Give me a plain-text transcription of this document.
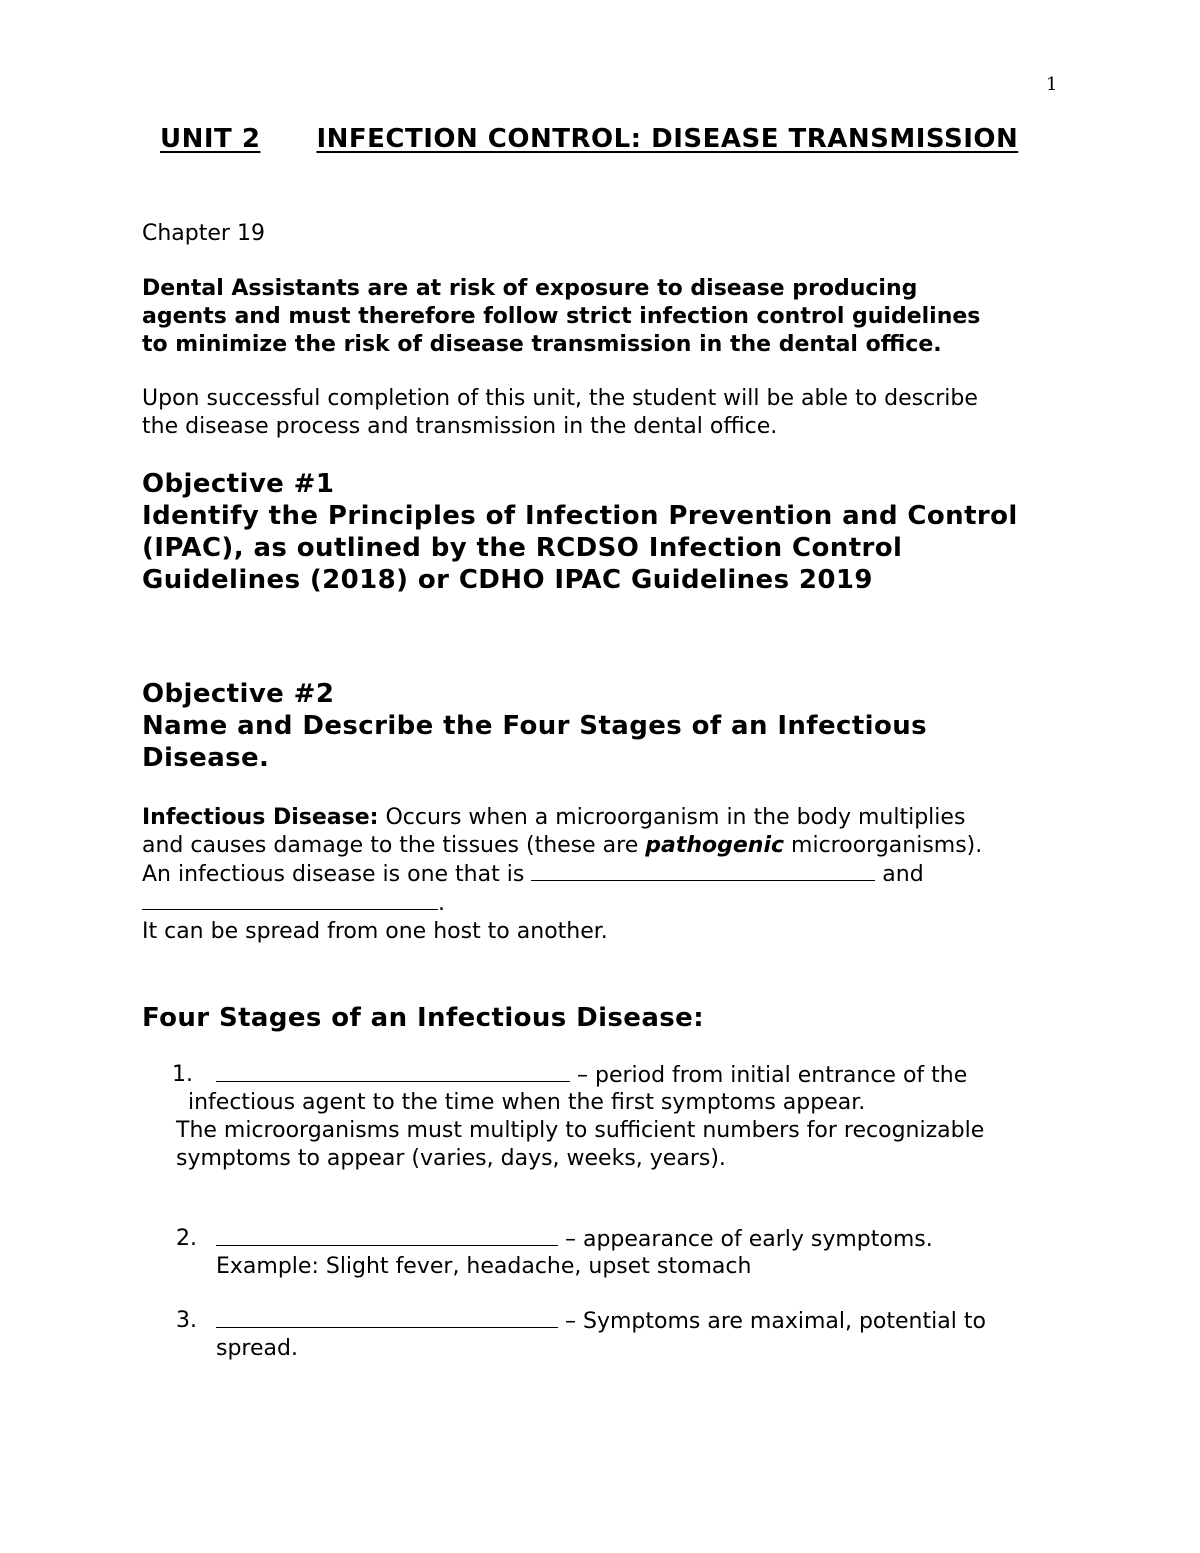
1
UNIT 2 INFECTION CONTROL: DISEASE TRANSMISSION
Chapter 19
Dental Assistants are at risk of exposure to disease producing
agents and must therefore follow strict infection control guidelines
to minimize the risk of disease transmission in the dental office.
Upon successful completion of this unit, the student will be able to describe
the disease process and transmission in the dental office.
Objective #1
Identify the Principles of Infection Prevention and Control
(IPAC), as outlined by the RCDSO Infection Control
Guidelines (2018) or CDHO IPAC Guidelines 2019
Objective #2
Name and Describe the Four Stages of an Infectious
Disease.
Infectious Disease: Occurs when a microorganism in the body multiplies
and causes damage to the tissues (these are pathogenic microorganisms).
An infectious disease is one that is	and
.
It can be spread from one host to another.
Four Stages of an Infectious Disease:
1.	– period from initial entrance of the
infectious agent to the time when the first symptoms appear.
The microorganisms must multiply to sufficient numbers for recognizable
symptoms to appear (varies, days, weeks, years).
2.	– appearance of early symptoms.
Example: Slight fever, headache, upset stomach
3.	– Symptoms are maximal, potential to
spread.
